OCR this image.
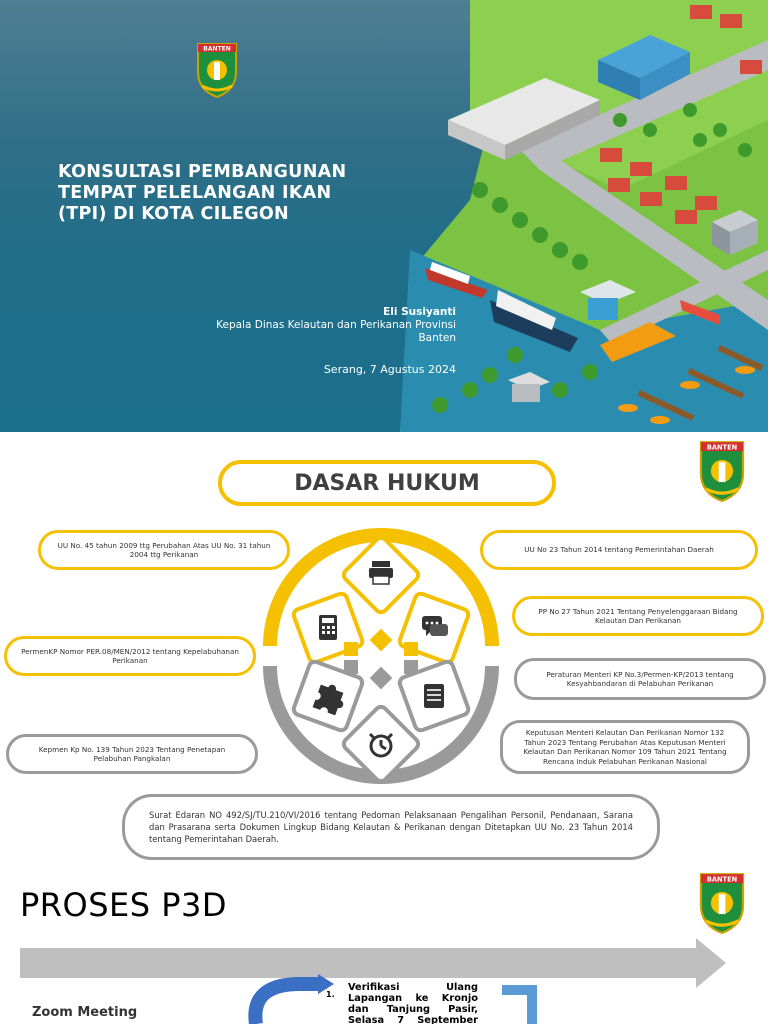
BANTEN
KONSULTASI PEMBANGUNAN
TEMPAT PELELANGAN IKAN
(TPI) DI KOTA CILEGON
Eli Susiyanti
Kepala Dinas Kelautan dan Perikanan Provinsi
Banten
Serang, 7 Agustus 2024
DASAR HUKUM
BANTEN
UU No. 45 tahun 2009 ttg Perubahan Atas UU No. 31 tahun 2004 ttg Perikanan
PermenKP Nomor PER.08/MEN/2012 tentang Kepelabuhanan Perikanan
Kepmen Kp No. 139 Tahun 2023 Tentang Penetapan Pelabuhan Pangkalan
UU No 23 Tahun 2014 tentang Pemerintahan Daerah
PP No 27 Tahun 2021 Tentang Penyelenggaraan Bidang Kelautan Dan Perikanan
Peraturan Menteri KP No.3/Permen-KP/2013 tentang Kesyahbandaran di Pelabuhan Perikanan
Keputusan Menteri Kelautan Dan Perikanan Nomor 132 Tahun 2023 Tentang Perubahan Atas Keputusan Menteri Kelautan Dan Perikanan Nomor 109 Tahun 2021 Tentang Rencana Induk Pelabuhan Perikanan Nasional
Surat Edaran NO 492/SJ/TU.210/VI/2016 tentang Pedoman Pelaksanaan Pengalihan Personil, Pendanaan, Sarana dan Prasarana serta Dokumen Lingkup Bidang Kelautan & Perikanan dengan Ditetapkan UU No. 23 Tahun 2014 tentang Pemerintahan Daerah.
PROSES P3D
BANTEN
Zoom Meeting
1.
Verifikasi Ulang
Lapangan ke Kronjo
dan Tanjung Pasir,
Selasa 7 September
